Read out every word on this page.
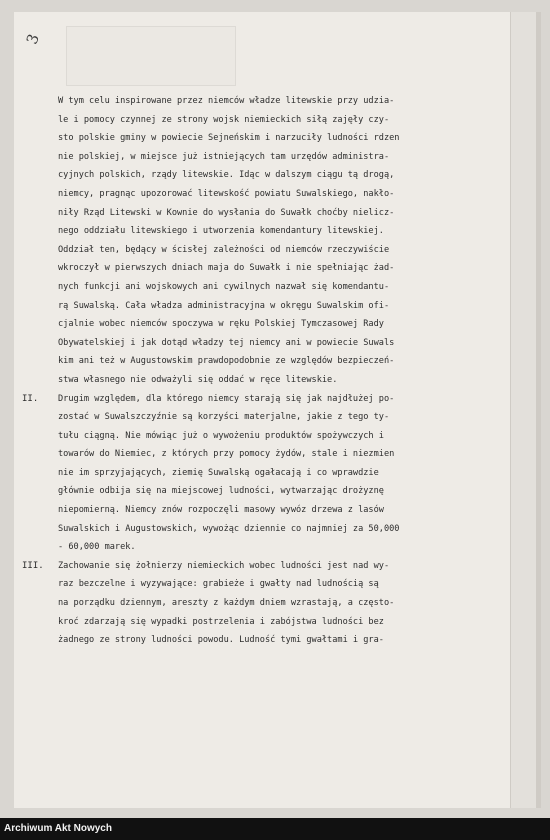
3
W tym celu inspirowane przez niemców władze litewskie przy udzia-
le i pomocy czynnej ze strony wojsk niemieckich siłą zajęły czy-
sto polskie gminy w powiecie Sejneńskim i narzuciły ludności rdzen
nie polskiej, w miejsce już istniejących tam urzędów administra-
cyjnych polskich, rządy litewskie. Idąc w dalszym ciągu tą drogą,
niemcy, pragnąc upozorować litewskość powiatu Suwalskiego, nakło-
niły Rząd Litewski w Kownie do wysłania do Suwałk choćby nielicz-
nego oddziału litewskiego i utworzenia komendantury litewskiej.
Oddział ten, będący w ścisłej zależności od niemców rzeczywiście
wkroczył w pierwszych dniach maja do Suwałk i nie spełniając żad-
nych funkcji ani wojskowych ani cywilnych nazwał się komendantu-
rą Suwalską. Cała władza administracyjna w okręgu Suwalskim ofi-
cjalnie wobec niemców spoczywa w ręku Polskiej Tymczasowej Rady
Obywatelskiej i jak dotąd władzy tej niemcy ani w powiecie Suwals
kim ani też w Augustowskim prawdopodobnie ze względów bezpieczeń-
stwa własnego nie odważyli się oddać w ręce litewskie.
II. Drugim względem, dla którego niemcy starają się jak najdłużej po-
zostać w Suwalszczyźnie są korzyści materjalne, jakie z tego ty-
tułu ciągną. Nie mówiąc już o wywożeniu produktów spożywczych i
towarów do Niemiec, z których przy pomocy żydów, stale i niezmien
nie im sprzyjających, ziemię Suwalską ogałacają i co wprawdzie
głównie odbija się na miejscowej ludności, wytwarzając drożyznę
niepomierną. Niemcy znów rozpoczęli masowy wywóz drzewa z lasów
Suwalskich i Augustowskich, wywożąc dziennie co najmniej za 50,000
- 60,000 marek.
III. Zachowanie się żołnierzy niemieckich wobec ludności jest nad wy-
raz bezczelne i wyzywające: grabieże i gwałty nad ludnością są
na porządku dziennym, areszty z każdym dniem wzrastają, a często-
kroć zdarzają się wypadki postrzelenia i zabójstwa ludności bez
żadnego ze strony ludności powodu. Ludność tymi gwałtami i gra-
Archiwum Akt Nowych
